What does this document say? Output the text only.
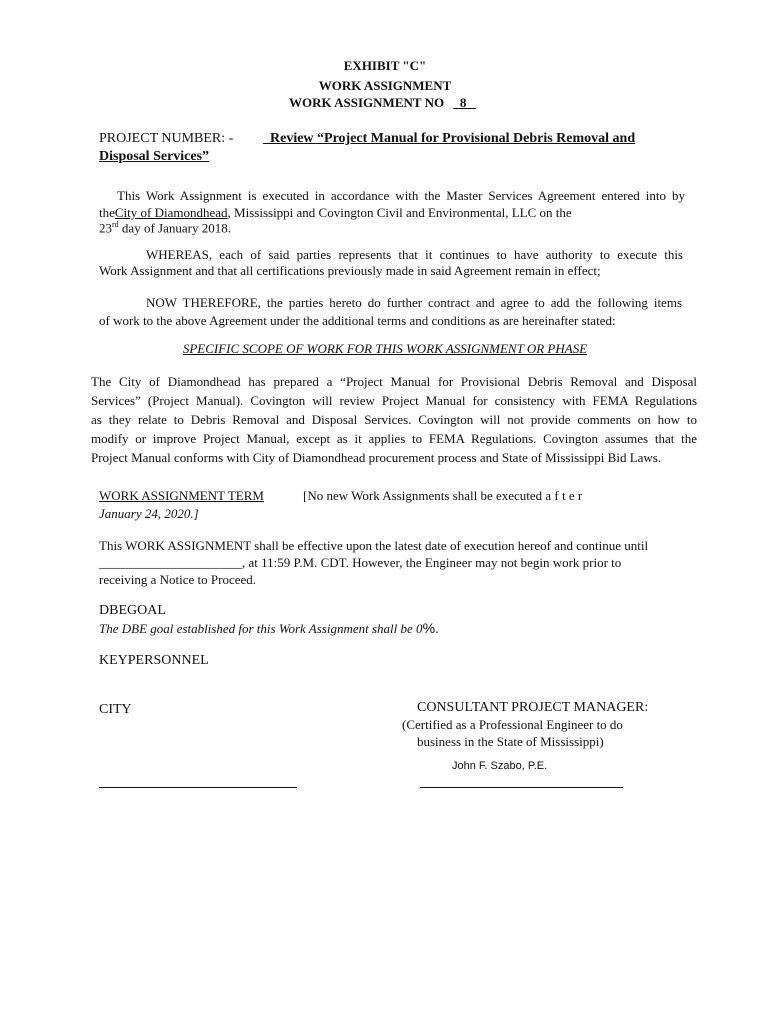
EXHIBIT "C"
WORK ASSIGNMENT
WORK ASSIGNMENT NO 8
PROJECT NUMBER: -	Review “Project Manual for Provisional Debris Removal and
Disposal Services”
This Work Assignment is executed in accordance with the Master Services Agreement entered into by
theCity of Diamondhead, Mississippi and Covington Civil and Environmental, LLC on the
23rd day of January 2018.
WHEREAS, each of said parties represents that it continues to have authority to execute this
Work Assignment and that all certifications previously made in said Agreement remain in effect;
NOW THEREFORE, the parties hereto do further contract and agree to add the following items
of work to the above Agreement under the additional terms and conditions as are hereinafter stated:
SPECIFIC SCOPE OF WORK FOR THIS WORK ASSIGNMENT OR PHASE
The City of Diamondhead has prepared a “Project Manual for Provisional Debris Removal and Disposal
Services” (Project Manual). Covington will review Project Manual for consistency with FEMA Regulations
as they relate to Debris Removal and Disposal Services. Covington will not provide comments on how to
modify or improve Project Manual, except as it applies to FEMA Regulations. Covington assumes that the
Project Manual conforms with City of Diamondhead procurement process and State of Mississippi Bid Laws.
WORK ASSIGNMENT TERM	[No new Work Assignments shall be executed a f t e r
January 24, 2020.]
This WORK ASSIGNMENT shall be effective upon the latest date of execution hereof and continue until
______________________, at 11:59 P.M. CDT. However, the Engineer may not begin work prior to
receiving a Notice to Proceed.
DBEGOAL
The DBE goal established for this Work Assignment shall be 0%.
KEYPERSONNEL
CITY	CONSULTANT PROJECT MANAGER:
(Certified as a Professional Engineer to do
business in the State of Mississippi)
John F. Szabo, P.E.
